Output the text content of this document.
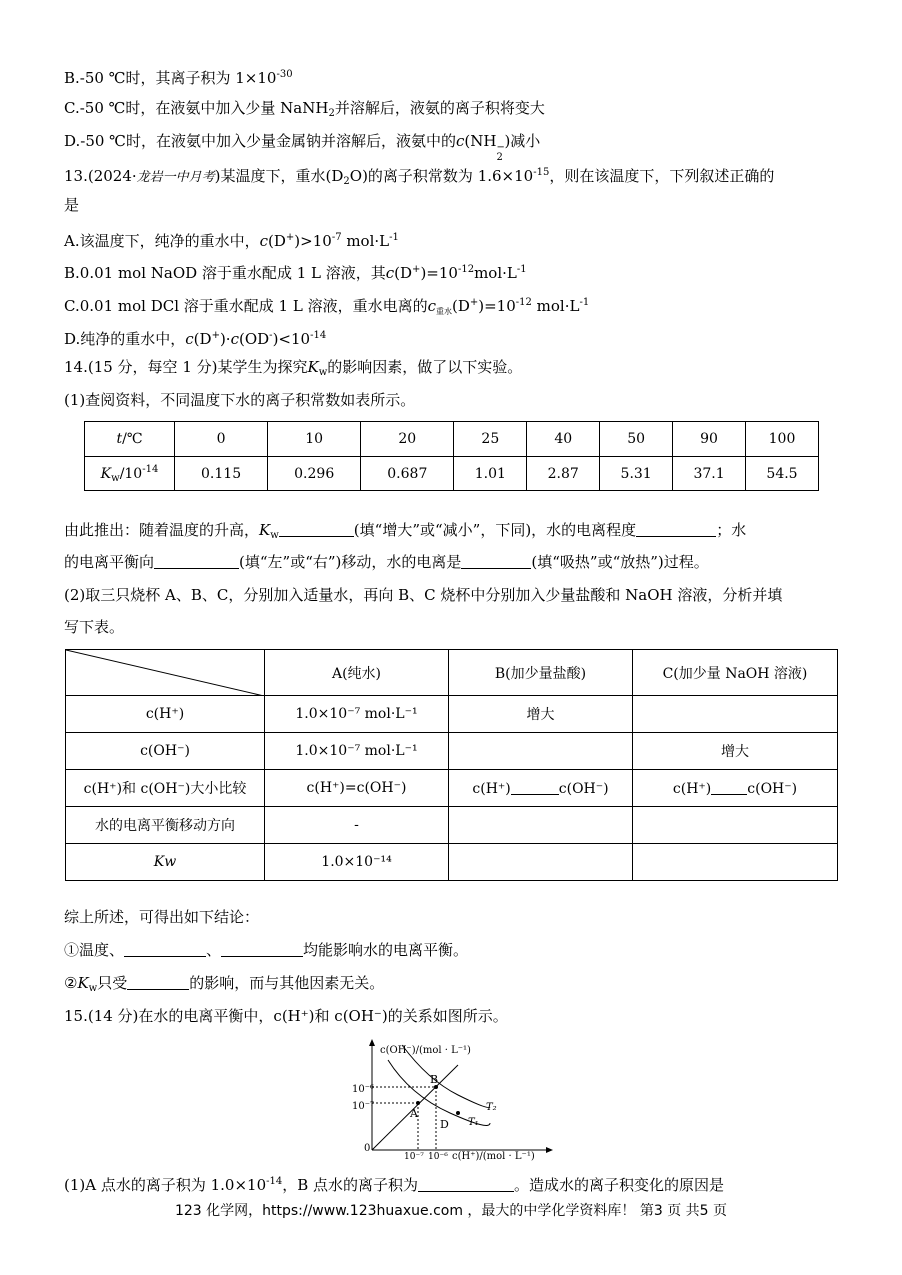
B.-50 ℃时，其离子积为 $1\times 10^{-30}$
C.-50 ℃时，在液氨中加入少量 NaNH$_2$并溶解后，液氨的离子积将变大
D.-50 ℃时，在液氨中加入少量金属钠并溶解后，液氨中的c(NH −
2
)减小
13.(2024·龙岩一中月考)某温度下，重水$(D_2O)$的离子积常数为 $1.6\times 10^{-15}$，则在该温度下，下列叙述正确的
是
A.该温度下，纯净的重水中，$c(D^+)>10^{-7}$ $mol\cdot L^{-1}$
B.0.01 mol NaOD 溶于重水配成 1 L 溶液，其$c(D^+)=10^{-12}mol\cdot L^{-1}$
C.0.01 mol DCl 溶于重水配成 1 L 溶液，重水电离的$c_{重水}(D^+)=10^{-12}$ $mol\cdot L^{-1}$
D.纯净的重水中，$c(D^+)\cdot c(OD^-)<10^{-14}$
14.(15 分，每空 1 分)某学生为探究$K_w$的影响因素，做了以下实验。
(1)查阅资料，不同温度下水的离子积常数如表所示。
t/℃	0	10	20	25	40	50	90	100
$K_w/10^{-14}$	0.115	0.296	0.687	1.01	2.87	5.31	37.1	54.5
由此推出：随着温度的升高，$K_w$	(填“增大”或“减小”，下同)，水的电离程度	；水
的电离平衡向	(填“左”或“右”)移动，水的电离是	(填“吸热”或“放热”)过程。
(2)取三只烧杯 A、B、C，分别加入适量水，再向 B、C 烧杯中分别加入少量盐酸和 NaOH 溶液，分析并填
写下表。
	A(纯水)	B(加少量盐酸)	C(加少量 NaOH 溶液)
c(H⁺)	1.0×10⁻⁷ mol·L⁻¹	增大	
c(OH⁻)	1.0×10⁻⁷ mol·L⁻¹		增大
c(H⁺)和 c(OH⁻)大小比较	c(H⁺)=c(OH⁻)	c(H⁺) c(OH⁻)	c(H⁺) c(OH⁻)
水的电离平衡移动方向	-		
Kw	1.0×10⁻¹⁴		
综上所述，可得出如下结论：
①温度、	、	均能影响水的电离平衡。
$②K_w$只受	的影响，而与其他因素无关。
15.(14 分)在水的电离平衡中，c(H⁺)和 c(OH⁻)的关系如图所示。
c(OH⁻)/(mol · L⁻¹)
c(H⁺)/(mol · L⁻¹)
10⁻⁶
10⁻⁷
10⁻⁷ 10⁻⁶
0
A
B
D T₁
T₂
(1)A 点水的离子积为 $1.0\times 10^{-14}$，B 点水的离子积为	。造成水的离子积变化的原因是
123 化学网，https://www.123huaxue.com ，最大的中学化学资料库！ 第3 页 共5 页
